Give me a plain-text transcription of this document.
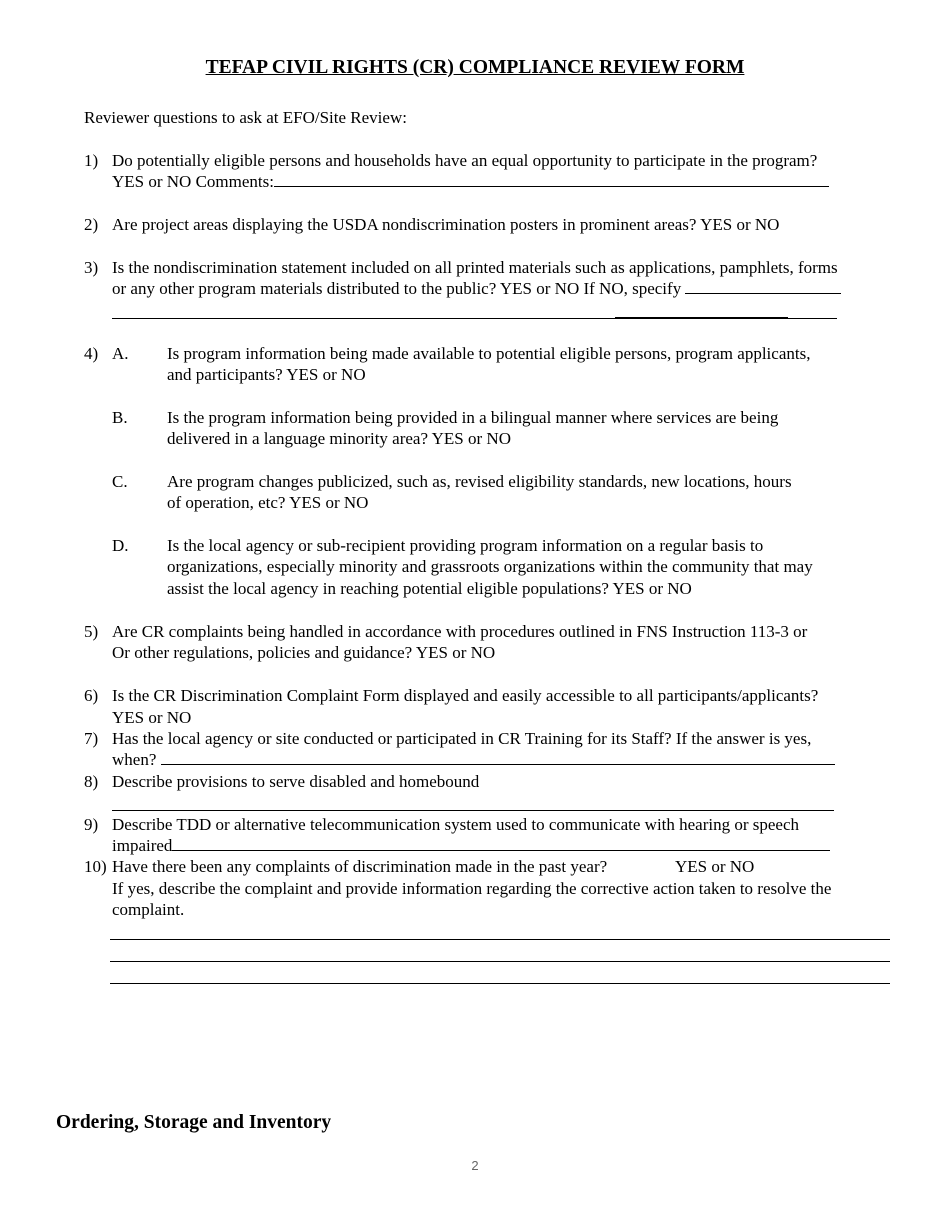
TEFAP CIVIL RIGHTS (CR) COMPLIANCE REVIEW FORM
Reviewer questions to ask at EFO/Site Review:
1) Do potentially eligible persons and households have an equal opportunity to participate in the program?
YES or NO Comments:
2) Are project areas displaying the USDA nondiscrimination posters in prominent areas? YES or NO
3) Is the nondiscrimination statement included on all printed materials such as applications, pamphlets, forms
or any other program materials distributed to the public? YES or NO If NO, specify
4) A. Is program information being made available to potential eligible persons, program applicants,
and participants? YES or NO
B. Is the program information being provided in a bilingual manner where services are being
delivered in a language minority area? YES or NO
C. Are program changes publicized, such as, revised eligibility standards, new locations, hours
of operation, etc? YES or NO
D. Is the local agency or sub-recipient providing program information on a regular basis to
organizations, especially minority and grassroots organizations within the community that may
assist the local agency in reaching potential eligible populations? YES or NO
5) Are CR complaints being handled in accordance with procedures outlined in FNS Instruction 113-3 or
Or other regulations, policies and guidance? YES or NO
6) Is the CR Discrimination Complaint Form displayed and easily accessible to all participants/applicants?
YES or NO
7) Has the local agency or site conducted or participated in CR Training for its Staff? If the answer is yes,
when?
8) Describe provisions to serve disabled and homebound
9) Describe TDD or alternative telecommunication system used to communicate with hearing or speech
impaired
10) Have there been any complaints of discrimination made in the past year?	YES or NO
If yes, describe the complaint and provide information regarding the corrective action taken to resolve the
complaint.
Ordering, Storage and Inventory
2
